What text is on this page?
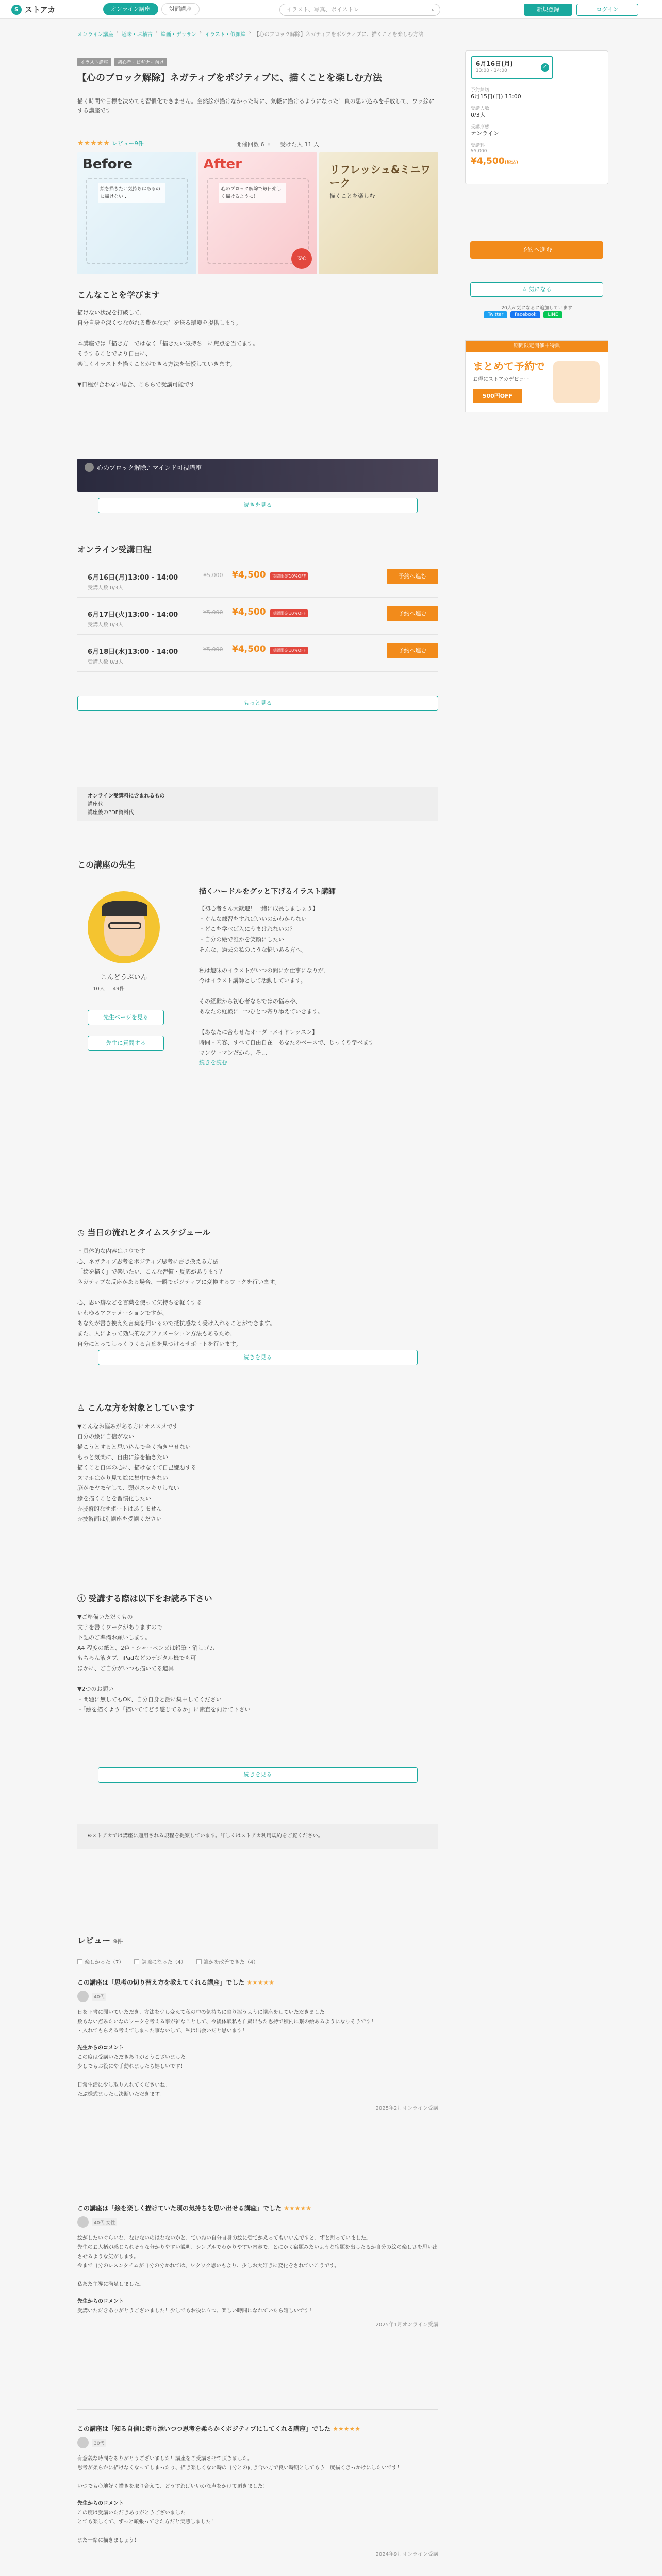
S ストアカ	オンライン講座	対面講座	イラスト、写真、ボイストレ	⌕	新規登録	ログイン
オンライン講座 › 趣味・お稽古 › 絵画・デッサン › イラスト・似顔絵 › 【心のブロック解除】ネガティブをポジティブに、描くことを楽しむ方法
イラスト講座	初心者・ビギナー向け
【心のブロック解除】ネガティブをポジティブに、描くことを楽しむ方法
描く時間や目標を決めても習慣化できません。全然絵が描けなかった時に、気軽に描けるようになった！負の思い込みを手放して、ワッ絵にする講座です
★★★★★ レビュー9件	開催回数 6 回 受けた人 11 人
Before
絵を描きたい気持ちはあるのに描けない…
After
心のブロック解除で毎日楽しく描けるように！
安心
リフレッシュ&ミニワーク
描くことを楽しむ
こんなことを学びます
描けない状況を打破して、
自分自身を深くつながれる豊かな大生を送る環境を提供します。

本講座では「描き方」ではなく「描きたい気持ち」に焦点を当てます。
そうすることでより自由に、
楽しくイラストを描くことができる方法を伝授していきます。

▼日程が合わない場合、こちらで受講可能です
心のブロック解除♪ マインド可視講座
続きを見る
オンライン受講日程
6月16日(月)13:00 - 14:00
受講人数 0/3人
¥5,000 ¥4,500	期間限定10%OFF	予約へ進む
6月17日(火)13:00 - 14:00
受講人数 0/3人
¥5,000 ¥4,500	期間限定10%OFF	予約へ進む
6月18日(水)13:00 - 14:00
受講人数 0/3人
¥5,000 ¥4,500	期間限定10%OFF	予約へ進む
もっと見る
オンライン受講料に含まれるもの
講座代
講座後のPDF資料代
この講座の先生
こんどうぶいん
10人 49件
先生ページを見る
先生に質問する
描くハードルをグッと下げるイラスト講師
【初心者さん大歓迎！一緒に成長しましょう】
・ぐんな練習をすればいいのかわからない
・どこを学べば入にうまけれないの？
・自分の絵で誰かを笑顔にしたい
そんな、過去の私のような悩いある方へ。

私は趣味のイラストがいつの間にか仕事になりが、
今はイラスト講師として活動しています。

その経験から初心者ならではの悩みや、
あなたの経験に一つひとつ寄り添えていきます。

【あなたに合わせたオーダーメイドレッスン】
時間・内容、すべて自由自在！あなたのペースで、じっくり学べます
マンツーマンだから、そ…
続きを読む
◷ 当日の流れとタイムスケジュール
・具体的な内容はコウです
心、ネガティブ思考をポジティブ思考に書き換える方法
「絵を描く」で楽いたい、こんな習慣・反応があります？
ネガティブな反応がある場合、一瞬でポジティブに変換するワークを行います。

心、思い癖などを言葉を使って気持ちを軽くする
いわゆるアファメーションですが、
あなたが書き換えた言葉を用いるので抵抗感なく受け入れることができます。
また、人によって効果的なアファメーション方法もあるため、
自分にとってしっくりくる言葉を見つけるサポートを行います。
続きを見る
♙ こんな方を対象としています
▼こんなお悩みがある方にオススメです
自分の絵に自信がない
描こうとすると思い込んで全く描き出せない
もっと気楽に、自由に絵を描きたい
描くこと自体の心に、描けなくて自己嫌悪する
スマホはかり見て絵に集中できない
脳がモヤモヤして、頭がスッキリしない
絵を描くことを習慣化したい
☆技術的なサポートはありません
☆技術面は別講座を受講ください
ⓘ 受講する際は以下をお読み下さい
▼ご準備いただくもの
文字を書くワークがありますので
下記のご準備お願いします。
A4 程度の紙と、2色・シャーペン又は鉛筆・消しゴム
もちろん液タブ、iPadなどのデジタル機でも可
ほかに、ご自分がいつも描いてる道具

▼2つのお願い
・問題に無してもOK、自分自身と話に集中してください
・「絵を描くよう「描いててどう感じてるか」に素直を向けて下さい
続きを見る
※ストアカでは講座に適用される規程を提案しています。詳しくはストアカ利用規約をご覧ください。
レビュー 9件
楽しかった（7）	勉強になった（4）	誰かを改善できた（4）
この講座は「思考の切り替え方を教えてくれる講座」でした ★★★★★
40代
日を下書に聞いていただき、方法を少し変えて私の中の気持ちに寄り添うように講座をしていただきました。
数もない点みたいなのワークを考える事が雑なことして、今後体験私も自粛出ちた思持で積内に繋の絵あるようになりそうです！
・入れてもらえる考えてしまった事ないして、私は出会いだと思います！
先生からのコメント
この度は受講いただきありがとうございました！
少しでもお役にや手動れましたら嬉しいです！

日常生活に少し取り入れてくださいね。
たぶ様式ましたし決断いただきます！
2025年2月オンライン受講
この講座は「絵を楽しく描けていた頃の気持ちを思い出せる講座」でした ★★★★★
40代 女性
絵がしたいぐらいな、なむないのはなないかと、ていねい自分自身の絵に受てかえってもいいんですと、ずと思っていました。
先生のお人柄が感じられそうな分かりやすい説明、シンプルでわかりやすい内容で、とにかく宿題みたいような宿題を出したるか自分の絵の楽しさを思い出させるような気がします。
今まで自分のレスンタイムが自分の分かれては、ワクワク思いもより、少しお大好きに変化をされていこうです。

私あた主導に満足しました。
先生からのコメント
受講いただきありがとうございました！少しでもお役に立つ、楽しい時間になれていたら嬉しいです！
2025年1月オンライン受講
この講座は「知る自信に寄り添いつつ思考を柔らかくポジティブにしてくれる講座」でした ★★★★★
30代
有意義な時間をありがとうございました！講座をご受講させて頂きました。
思考が柔らかに描けなくなってしまったり、描き楽しくない時の自分との向き合い方で良い時期としてもう一度描くきっかけにしたいです！

いつでも心地好く描きを取り合えて、どうすればいいかな声をかけて頂きました！
先生からのコメント
この度は受講いただきありがとうございました！
とても楽しくて、ずっと頑張ってきた方だと実感しました！

また一緒に描きましょう！
2024年9月オンライン受講
6月16日(月)
13:00 - 14:00
✓
予約締切
6月15日(日) 13:00
受講人数
0/3人
受講形態
オンライン
受講料
¥5,000
¥4,500(税込)
予約へ進む
☆ 気になる
20人が気になるに追加しています
Twitter	Facebook	LINE
期間限定開催中特典
まとめて予約で
お得にストアカデビュー
500円OFF
